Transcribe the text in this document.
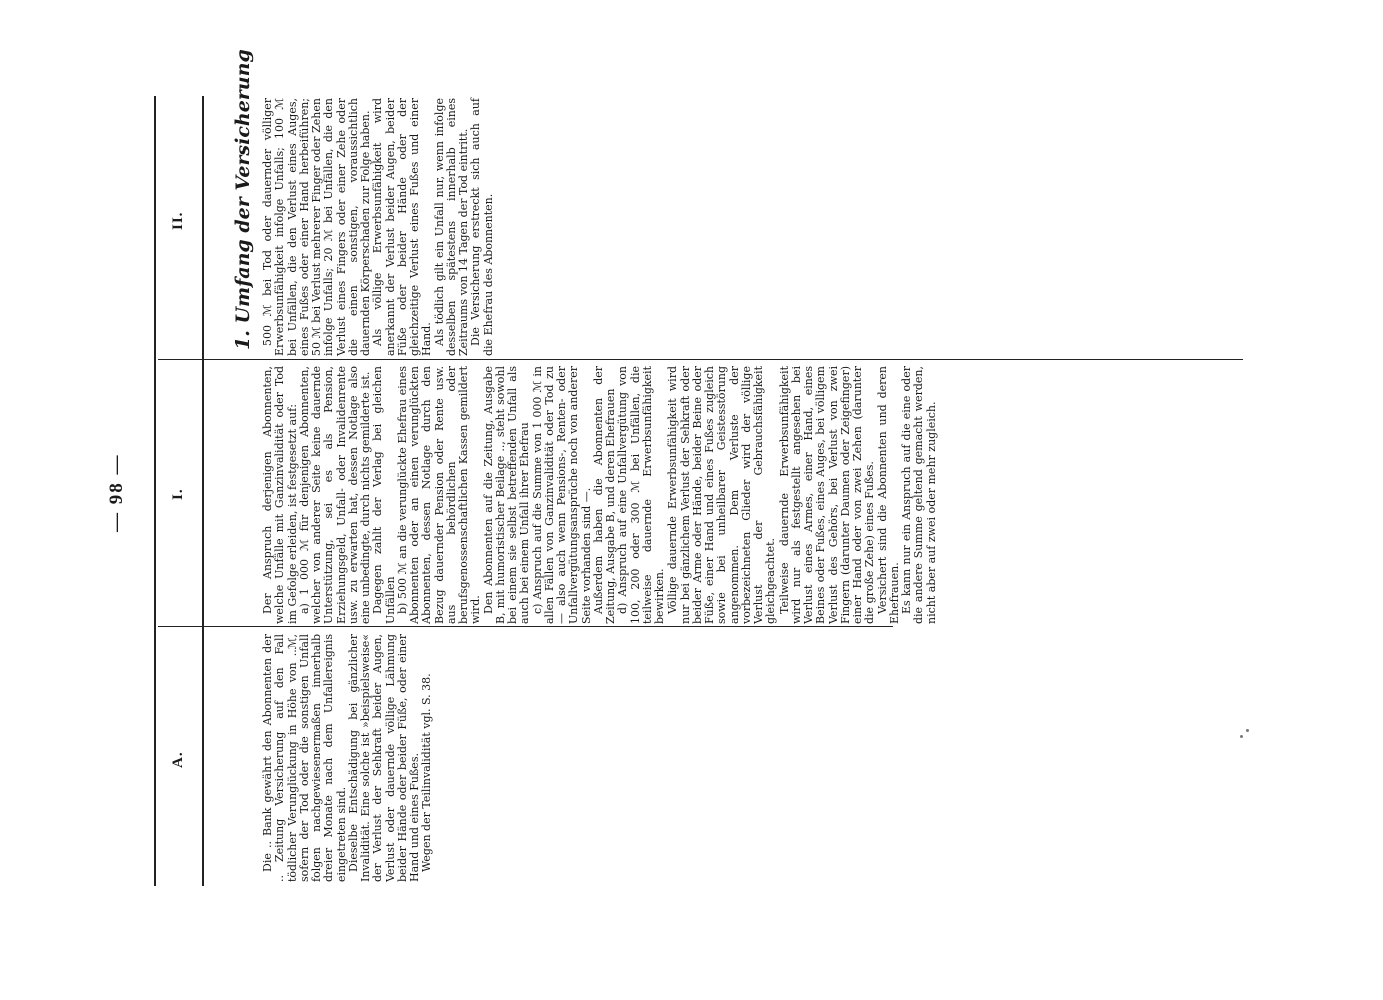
— 98 —
A.
I.
II.

Die .. Bank gewährt den Abonnenten der .. Zeitung Versicherung auf den Fall tödlicher Verunglückung in Höhe von ..ℳ, sofern der Tod oder die sonstigen Unfall folgen nachgewiesenermaßen innerhalb dreier Monate nach dem Unfallereignis eingetreten sind. Dieselbe Entschädigung bei gänzlicher Invalidität. Eine solche ist »beispielsweise« der Verlust der Sehkraft beider Augen, Verlust oder dauernde völlige Lähmung beider Hände oder beider Füße, oder einer Hand und eines Fußes. Wegen der Teilinvalidität vgl. S. 38.

Der Anspruch derjenigen Abonnenten, welche Unfälle mit Ganzinvalidität oder Tod im Gefolge erleiden, ist festgesetzt auf: a) 1 000 ℳ für denjenigen Abonnenten, welcher von anderer Seite keine dauernde Unterstützung, sei es als Pension, Erziehungsgeld, Unfall- oder Invalidenrente usw. zu erwarten hat, dessen Notlage also eine unbedingte, durch nichts gemilderte ist. Dagegen zahlt der Verlag bei gleichen Unfällen b) 500 ℳ an die verunglückte Ehefrau eines Abonnenten oder an einen verunglückten Abonnenten, dessen Notlage durch den Bezug dauernder Pension oder Rente usw. aus behördlichen oder berufsgenossenschaftlichen Kassen gemildert wird. Den Abonnenten auf die Zeitung, Ausgabe B, mit humoristischer Beilage .., steht sowohl bei einem sie selbst betreffenden Unfall als auch bei einem Unfall ihrer Ehefrau c) Anspruch auf die Summe von 1 000 ℳ in allen Fällen von Ganzinvalidität oder Tod zu — also auch wenn Pensions-, Renten- oder Unfallvergütungsansprüche noch von anderer Seite vorhanden sind —. Außerdem haben die Abonnenten der Zeitung, Ausgabe B, und deren Ehefrauen d) Anspruch auf eine Unfallvergütung von 100, 200 oder 300 ℳ bei Unfällen, die teilweise dauernde Erwerbsunfähigkeit bewirken. Völlige dauernde Erwerbsunfähigkeit wird nur bei gänzlichem Verlust der Sehkraft oder beider Arme oder Hände, beider Beine oder Füße, einer Hand und eines Fußes zugleich sowie bei unheilbarer Geistesstörung angenommen. Dem Verluste der vorbezeichneten Glieder wird der völlige Verlust der Gebrauchsfähigkeit gleichgeachtet. Teilweise dauernde Erwerbsunfähigkeit wird nur als festgestellt angesehen bei Verlust eines Armes, einer Hand, eines Beines oder Fußes, eines Auges, bei völligem Verlust des Gehörs, bei Verlust von zwei Fingern (darunter Daumen oder Zeigefinger) einer Hand oder von zwei Zehen (darunter die große Zehe) eines Fußes. Versichert sind die Abonnenten und deren Ehefrauen. Es kann nur ein Anspruch auf die eine oder die andere Summe geltend gemacht werden, nicht aber auf zwei oder mehr zugleich.

1. Umfang der Versicherung 500 ℳ bei Tod oder dauernder völliger Erwerbsunfähigkeit infolge Unfalls; 100 ℳ bei Unfällen, die den Verlust eines Auges, eines Fußes oder einer Hand herbeiführen; 50 ℳ bei Verlust mehrerer Finger oder Zehen infolge Unfalls; 20 ℳ bei Unfällen, die den Verlust eines Fingers oder einer Zehe oder die einen sonstigen, voraussichtlich dauernden Körperschaden zur Folge haben. Als völlige Erwerbsunfähigkeit wird anerkannt der Verlust beider Augen, beider Füße oder beider Hände oder der gleichzeitige Verlust eines Fußes und einer Hand. Als tödlich gilt ein Unfall nur, wenn infolge desselben spätestens innerhalb eines Zeitraums von 14 Tagen der Tod eintritt. Die Versicherung erstreckt sich auch auf die Ehefrau des Abonnenten.
